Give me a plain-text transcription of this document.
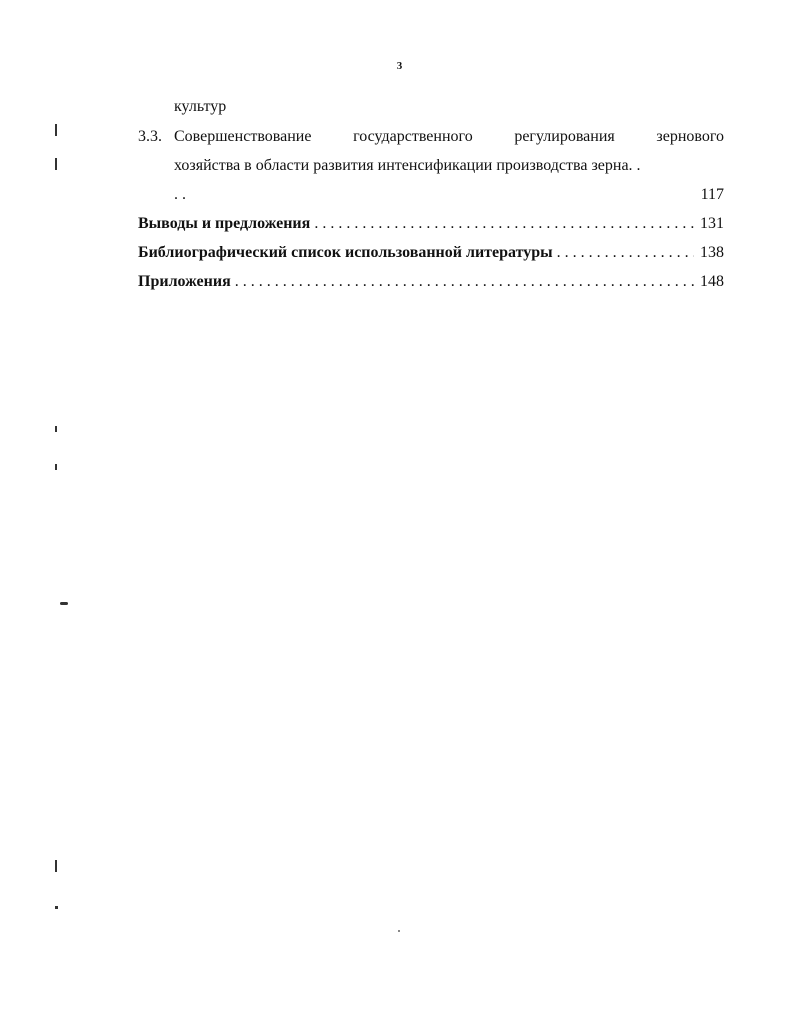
3
культур
3.3. Совершенствование государственного регулирования зернового
хозяйства в области развития интенсификации производства зерна. .
. .	117
Выводы и предложения . . .	131
Библиографический список использованной литературы . . .	138
Приложения . . .	148
